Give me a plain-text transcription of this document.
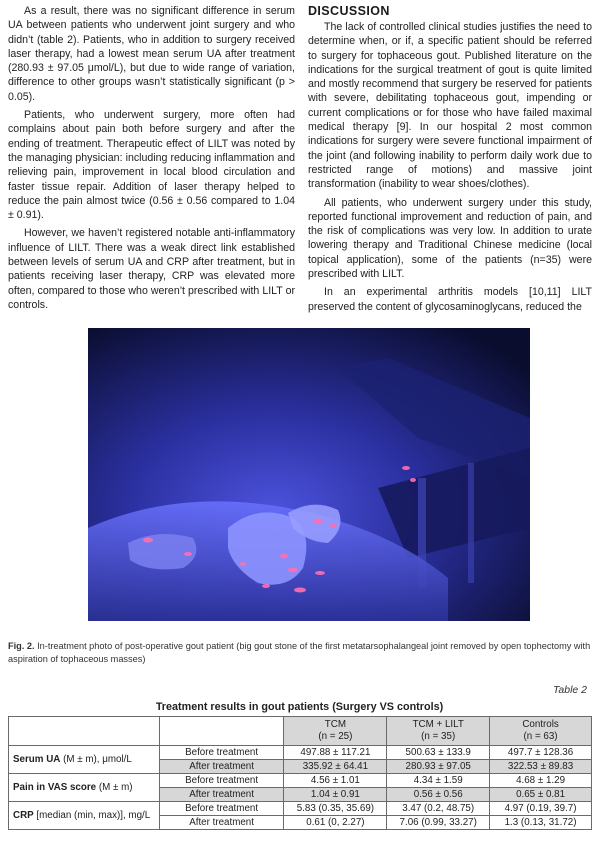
As a result, there was no significant difference in serum UA between patients who underwent joint surgery and who didn’t (table 2). Patients, who in addition to surgery received laser therapy, had a lowest mean serum UA after treatment (280.93 ± 97.05 μmol/L), but due to wide range of variation, difference to other groups wasn’t statistically significant (p > 0.05).

Patients, who underwent surgery, more often had complains about pain both before surgery and after the ending of treatment. Therapeutic effect of LILT was noted by the managing physician: including reducing inflammation and relieving pain, improvement in local blood circulation and faster tissue repair. Addition of laser therapy helped to reduce the pain almost twice (0.56 ± 0.56 compared to 1.04 ± 0.91).

However, we haven’t registered notable anti-inflammatory influence of LILT. There was a weak direct link established between levels of serum UA and CRP after treatment, but in patients receiving laser therapy, CRP was elevated more often, compared to those who weren’t prescribed with LILT or controls.

DISCUSSION

The lack of controlled clinical studies justifies the need to determine when, or if, a specific patient should be referred to surgery for tophaceous gout. Published literature on the indications for the surgical treatment of gout is quite limited and mostly recommend that surgery be reserved for patients with severe, debilitating tophaceous gout, impending or current complications or for those who have failed maximal medical therapy [9]. In our hospital 2 most common indications for surgery were severe functional impairment of the joint (and following inability to perform daily work due to restricted range of motions) and massive joint transformation (inability to wear shoes/clothes).

All patients, who underwent surgery under this study, reported functional improvement and reduction of pain, and the risk of complications was very low. In addition to urate lowering therapy and Traditional Chinese medicine (local topical application), some of the patients (n=35) were prescribed with LILT.

In an experimental arthritis models [10,11] LILT preserved the content of glycosaminoglycans, reduced the

Fig. 2. In-treatment photo of post-operative gout patient (big gout stone of the first metatarsophalangeal joint removed by open tophectomy with aspiration of tophaceous masses)
Table 2
Treatment results in gout patients (Surgery VS controls)
		TCM
(n = 25)	TCM + LILT
(n = 35)	Controls
(n = 63)
Serum UA (M ± m), μmol/L	Before treatment	497.88 ± 117.21	500.63 ± 133.9	497.7 ± 128.36
	After treatment	335.92 ± 64.41	280.93 ± 97.05	322.53 ± 89.83
Pain in VAS score (M ± m)	Before treatment	4.56 ± 1.01	4.34 ± 1.59	4.68 ± 1.29
	After treatment	1.04 ± 0.91	0.56 ± 0.56	0.65 ± 0.81
CRP [median (min, max)], mg/L	Before treatment	5.83 (0.35, 35.69)	3.47 (0.2, 48.75)	4.97 (0.19, 39.7)
	After treatment	0.61 (0, 2.27)	7.06 (0.99, 33.27)	1.3 (0.13, 31.72)
